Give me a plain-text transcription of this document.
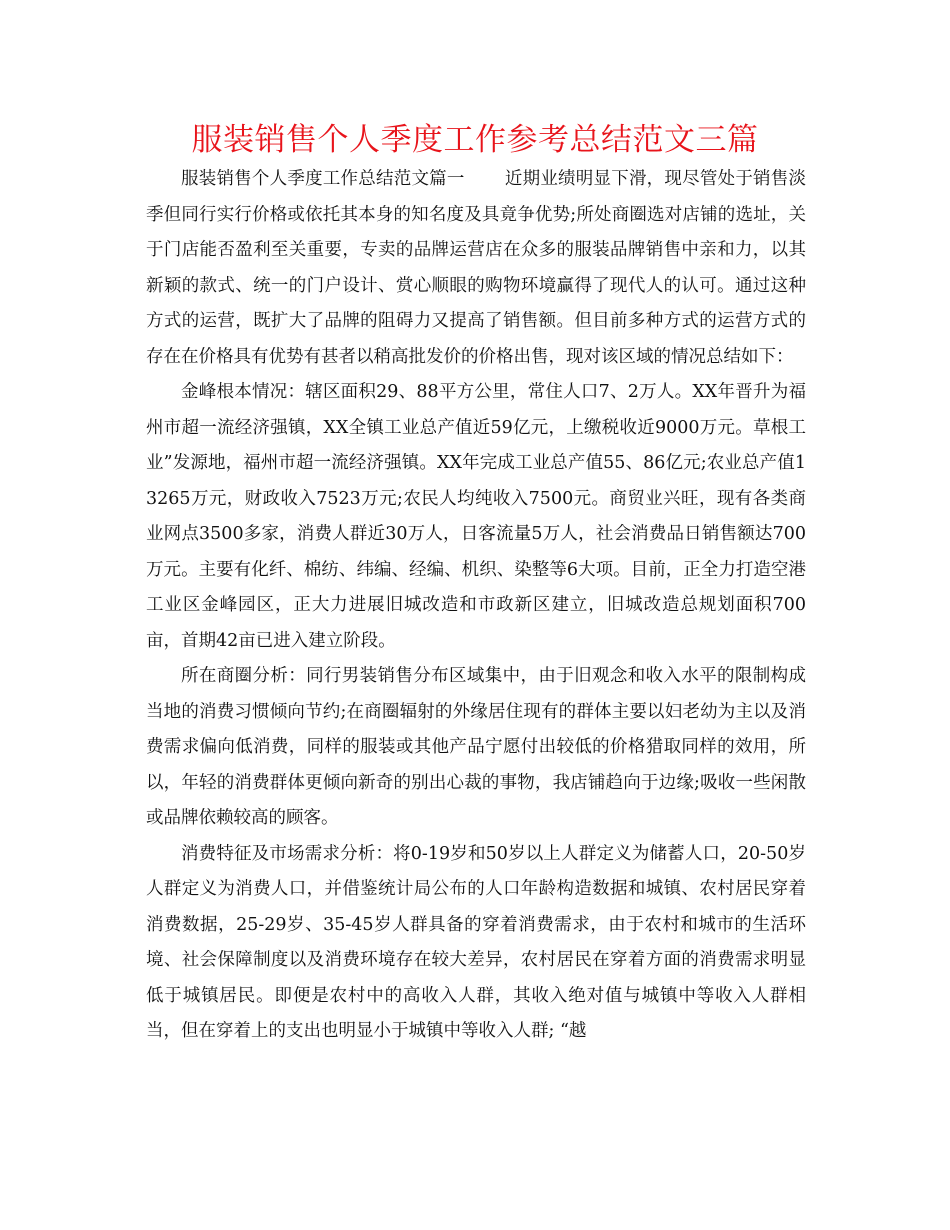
服装销售个人季度工作参考总结范文三篇

服装销售个人季度工作总结范文篇一 近期业绩明显下滑，现尽管处于销售淡季但同行实行价格或依托其本身的知名度及具竟争优势;所处商圈选对店铺的选址，关于门店能否盈利至关重要，专卖的品牌运营店在众多的服装品牌销售中亲和力，以其新颖的款式、统一的门户设计、赏心顺眼的购物环境赢得了现代人的认可。通过这种方式的运营，既扩大了品牌的阻碍力又提高了销售额。但目前多种方式的运营方式的存在在价格具有优势有甚者以稍高批发价的价格出售，现对该区域的情况总结如下：

金峰根本情况：辖区面积29、88平方公里，常住人口7、2万人。XX年晋升为福州市超一流经济强镇，XX全镇工业总产值近59亿元，上缴税收近9000万元。草根工业”发源地，福州市超一流经济强镇。XX年完成工业总产值55、86亿元;农业总产值13265万元，财政收入7523万元;农民人均纯收入7500元。商贸业兴旺，现有各类商业网点3500多家，消费人群近30万人，日客流量5万人，社会消费品日销售额达700万元。主要有化纤、棉纺、纬编、经编、机织、染整等6大项。目前，正全力打造空港工业区金峰园区，正大力进展旧城改造和市政新区建立，旧城改造总规划面积700亩，首期42亩已进入建立阶段。

所在商圈分析：同行男装销售分布区域集中，由于旧观念和收入水平的限制构成当地的消费习惯倾向节约;在商圈辐射的外缘居住现有的群体主要以妇老幼为主以及消费需求偏向低消费，同样的服装或其他产品宁愿付出较低的价格猎取同样的效用，所以，年轻的消费群体更倾向新奇的别出心裁的事物，我店铺趋向于边缘;吸收一些闲散或品牌依赖较高的顾客。

消费特征及市场需求分析：将0-19岁和50岁以上人群定义为储蓄人口，20-50岁人群定义为消费人口，并借鉴统计局公布的人口年龄构造数据和城镇、农村居民穿着消费数据，25-29岁、35-45岁人群具备的穿着消费需求，由于农村和城市的生活环境、社会保障制度以及消费环境存在较大差异，农村居民在穿着方面的消费需求明显低于城镇居民。即便是农村中的高收入人群，其收入绝对值与城镇中等收入人群相当，但在穿着上的支出也明显小于城镇中等收入人群; “越
